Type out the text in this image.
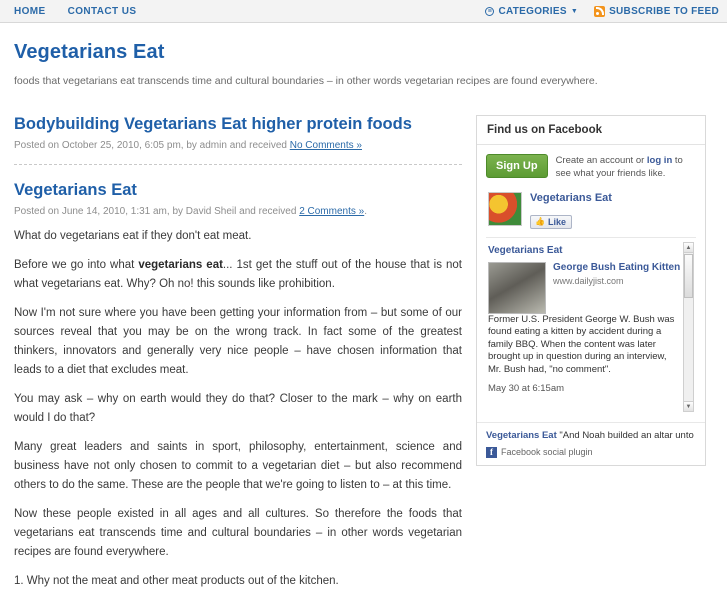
HOME CONTACT US	≡ CATEGORIES ▼	SUBSCRIBE TO FEED
Vegetarians Eat

foods that vegetarians eat transcends time and cultural boundaries – in other words vegetarian recipes are found everywhere.

Bodybuilding Vegetarians Eat higher protein foods

Posted on October 25, 2010, 6:05 pm, by admin and received No Comments »

Vegetarians Eat

Posted on June 14, 2010, 1:31 am, by David Sheil and received 2 Comments ».

What do vegetarians eat if they don't eat meat.

Before we go into what vegetarians eat... 1st get the stuff out of the house that is not what vegetarians eat. Why? Oh no! this sounds like prohibition.

Now I'm not sure where you have been getting your information from – but some of our sources reveal that you may be on the wrong track. In fact some of the greatest thinkers, innovators and generally very nice people – have chosen information that leads to a diet that excludes meat.

You may ask – why on earth would they do that? Closer to the mark – why on earth would I do that?

Many great leaders and saints in sport, philosophy, entertainment, science and business have not only chosen to commit to a vegetarian diet – but also recommend others to do the same. These are the people that we're going to listen to – at this time.

Now these people existed in all ages and all cultures. So therefore the foods that vegetarians eat transcends time and cultural boundaries – in other words vegetarian recipes are found everywhere.

1. Why not the meat and other meat products out of the kitchen.

Find us on Facebook
Sign Up	Create an account or log in to see what your friends like.
Vegetarians Eat
👍 Like
Vegetarians Eat
George Bush Eating Kitten
www.dailyjist.com
Former U.S. President George W. Bush was found eating a kitten by accident during a family BBQ. When the content was later brought up in question during an interview, Mr. Bush had, "no comment".
May 30 at 6:15am
▲
▼
Vegetarians Eat "And Noah builded an altar unto
f Facebook social plugin
